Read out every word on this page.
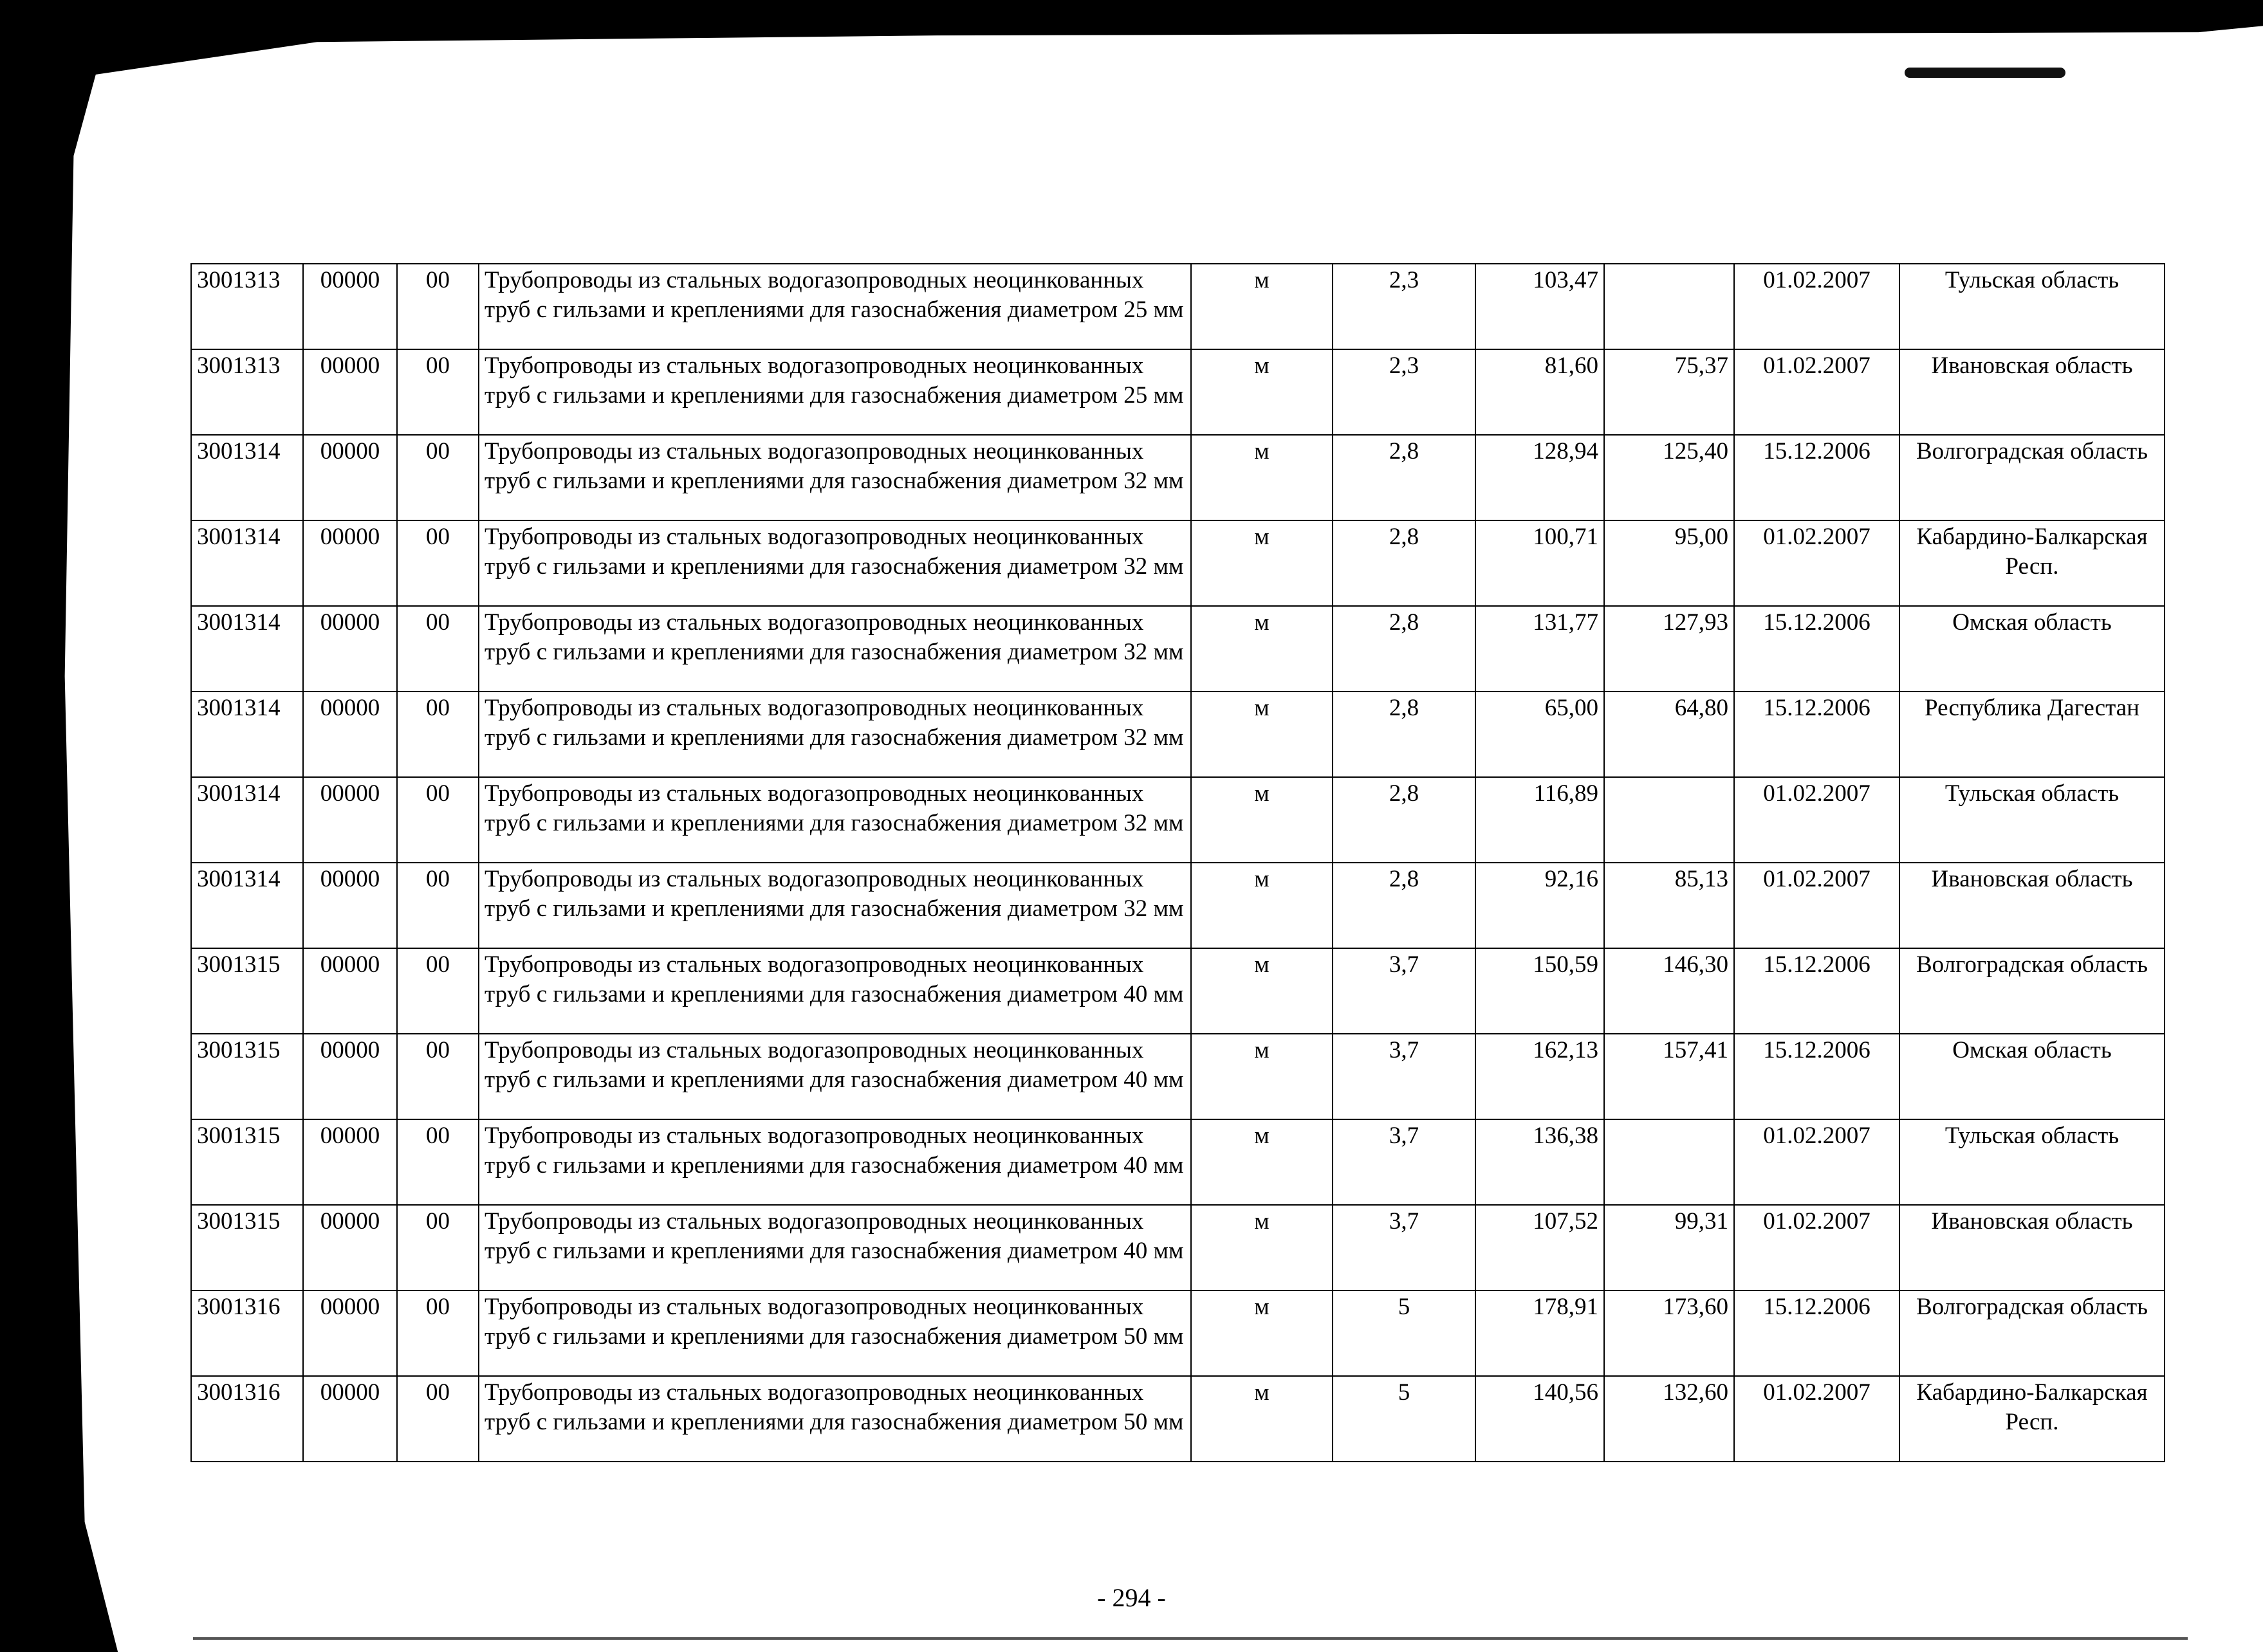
3001313	00000	00	Трубопроводы из стальных водогазопроводных неоцинкованных труб с гильзами и креплениями для газоснабжения диаметром 25 мм	м	2,3	103,47		01.02.2007	Тульская область
3001313	00000	00	Трубопроводы из стальных водогазопроводных неоцинкованных труб с гильзами и креплениями для газоснабжения диаметром 25 мм	м	2,3	81,60	75,37	01.02.2007	Ивановская область
3001314	00000	00	Трубопроводы из стальных водогазопроводных неоцинкованных труб с гильзами и креплениями для газоснабжения диаметром 32 мм	м	2,8	128,94	125,40	15.12.2006	Волгоградская область
3001314	00000	00	Трубопроводы из стальных водогазопроводных неоцинкованных труб с гильзами и креплениями для газоснабжения диаметром 32 мм	м	2,8	100,71	95,00	01.02.2007	Кабардино-Балкарская Респ.
3001314	00000	00	Трубопроводы из стальных водогазопроводных неоцинкованных труб с гильзами и креплениями для газоснабжения диаметром 32 мм	м	2,8	131,77	127,93	15.12.2006	Омская область
3001314	00000	00	Трубопроводы из стальных водогазопроводных неоцинкованных труб с гильзами и креплениями для газоснабжения диаметром 32 мм	м	2,8	65,00	64,80	15.12.2006	Республика Дагестан
3001314	00000	00	Трубопроводы из стальных водогазопроводных неоцинкованных труб с гильзами и креплениями для газоснабжения диаметром 32 мм	м	2,8	116,89		01.02.2007	Тульская область
3001314	00000	00	Трубопроводы из стальных водогазопроводных неоцинкованных труб с гильзами и креплениями для газоснабжения диаметром 32 мм	м	2,8	92,16	85,13	01.02.2007	Ивановская область
3001315	00000	00	Трубопроводы из стальных водогазопроводных неоцинкованных труб с гильзами и креплениями для газоснабжения диаметром 40 мм	м	3,7	150,59	146,30	15.12.2006	Волгоградская область
3001315	00000	00	Трубопроводы из стальных водогазопроводных неоцинкованных труб с гильзами и креплениями для газоснабжения диаметром 40 мм	м	3,7	162,13	157,41	15.12.2006	Омская область
3001315	00000	00	Трубопроводы из стальных водогазопроводных неоцинкованных труб с гильзами и креплениями для газоснабжения диаметром 40 мм	м	3,7	136,38		01.02.2007	Тульская область
3001315	00000	00	Трубопроводы из стальных водогазопроводных неоцинкованных труб с гильзами и креплениями для газоснабжения диаметром 40 мм	м	3,7	107,52	99,31	01.02.2007	Ивановская область
3001316	00000	00	Трубопроводы из стальных водогазопроводных неоцинкованных труб с гильзами и креплениями для газоснабжения диаметром 50 мм	м	5	178,91	173,60	15.12.2006	Волгоградская область
3001316	00000	00	Трубопроводы из стальных водогазопроводных неоцинкованных труб с гильзами и креплениями для газоснабжения диаметром 50 мм	м	5	140,56	132,60	01.02.2007	Кабардино-Балкарская Респ.
- 294 -
